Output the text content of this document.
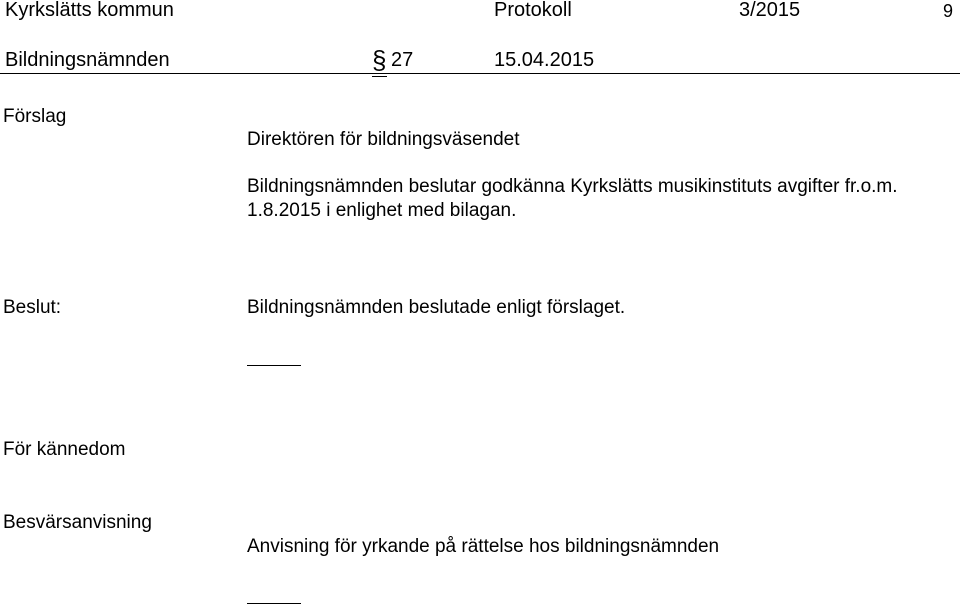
Kyrkslätts kommun	Protokoll	3/2015	9
Bildningsnämnden	§ 27	15.04.2015
Förslag
Direktören för bildningsväsendet
Bildningsnämnden beslutar godkänna Kyrkslätts musikinstituts avgifter fr.o.m.
1.8.2015 i enlighet med bilagan.
Beslut:	Bildningsnämnden beslutade enligt förslaget.
För kännedom
Besvärsanvisning
Anvisning för yrkande på rättelse hos bildningsnämnden
